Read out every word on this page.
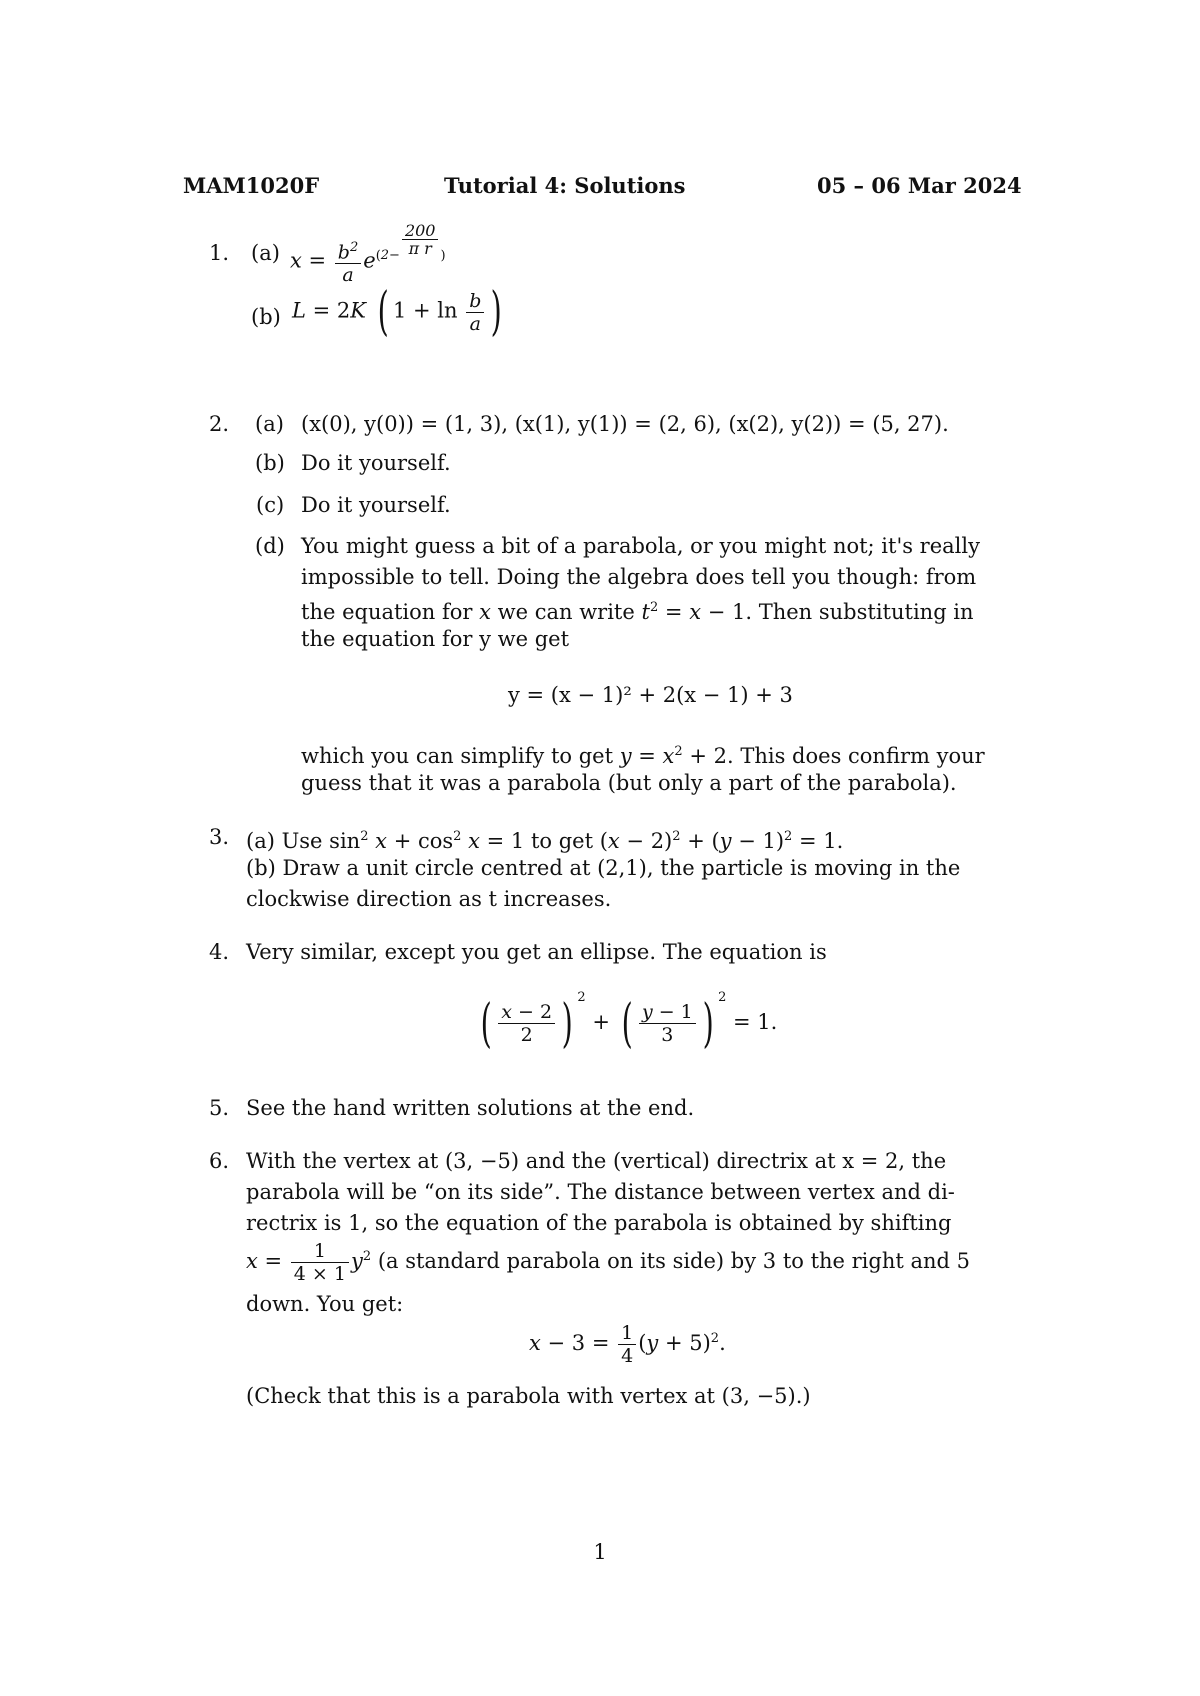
MAM1020F	Tutorial 4: Solutions	05 – 06 Mar 2024
1. (a) $x = \frac{b^2}{a} e^{(2- \frac{200}{\text{π r}}}$ )
(b) L = 2K ( $1 + \ln \frac{b}{a}$ )
2. (a) (x(0), y(0)) = (1, 3), (x(1), y(1)) = (2, 6), (x(2), y(2)) = (5, 27).
(b) Do it yourself.
(c) Do it yourself.
(d) You might guess a bit of a parabola, or you might not; it's really
impossible to tell. Doing the algebra does tell you though: from
the equation for x we can write $t^2 = x - 1$. Then substituting in
the equation for y we get
y = (x − 1)² + 2(x − 1) + 3
which you can simplify to get $y = x^2 + 2$. This does confirm your
guess that it was a parabola (but only a part of the parabola).
3. (a) Use $\sin^2 x + \cos^2 x = 1$ to get $(x - 2)^2 + (y - 1)^2 = 1$.
(b) Draw a unit circle centred at (2,1), the particle is moving in the
clockwise direction as t increases.
4. Very similar, except you get an ellipse. The equation is
( $\frac{x - 2}{2}$ ) $^2$ + ( $\frac{y - 1}{3}$ ) $^2$ = 1.
5. See the hand written solutions at the end.
6. With the vertex at (3, −5) and the (vertical) directrix at x = 2, the
parabola will be “on its side”. The distance between vertex and di-
rectrix is 1, so the equation of the parabola is obtained by shifting
$x = \frac{1}{4 \times 1} y^2$ (a standard parabola on its side) by 3 to the right and 5
down. You get:
$x - 3 = \frac{1}{4} (y + 5)^2$.
(Check that this is a parabola with vertex at (3, −5).)
1
